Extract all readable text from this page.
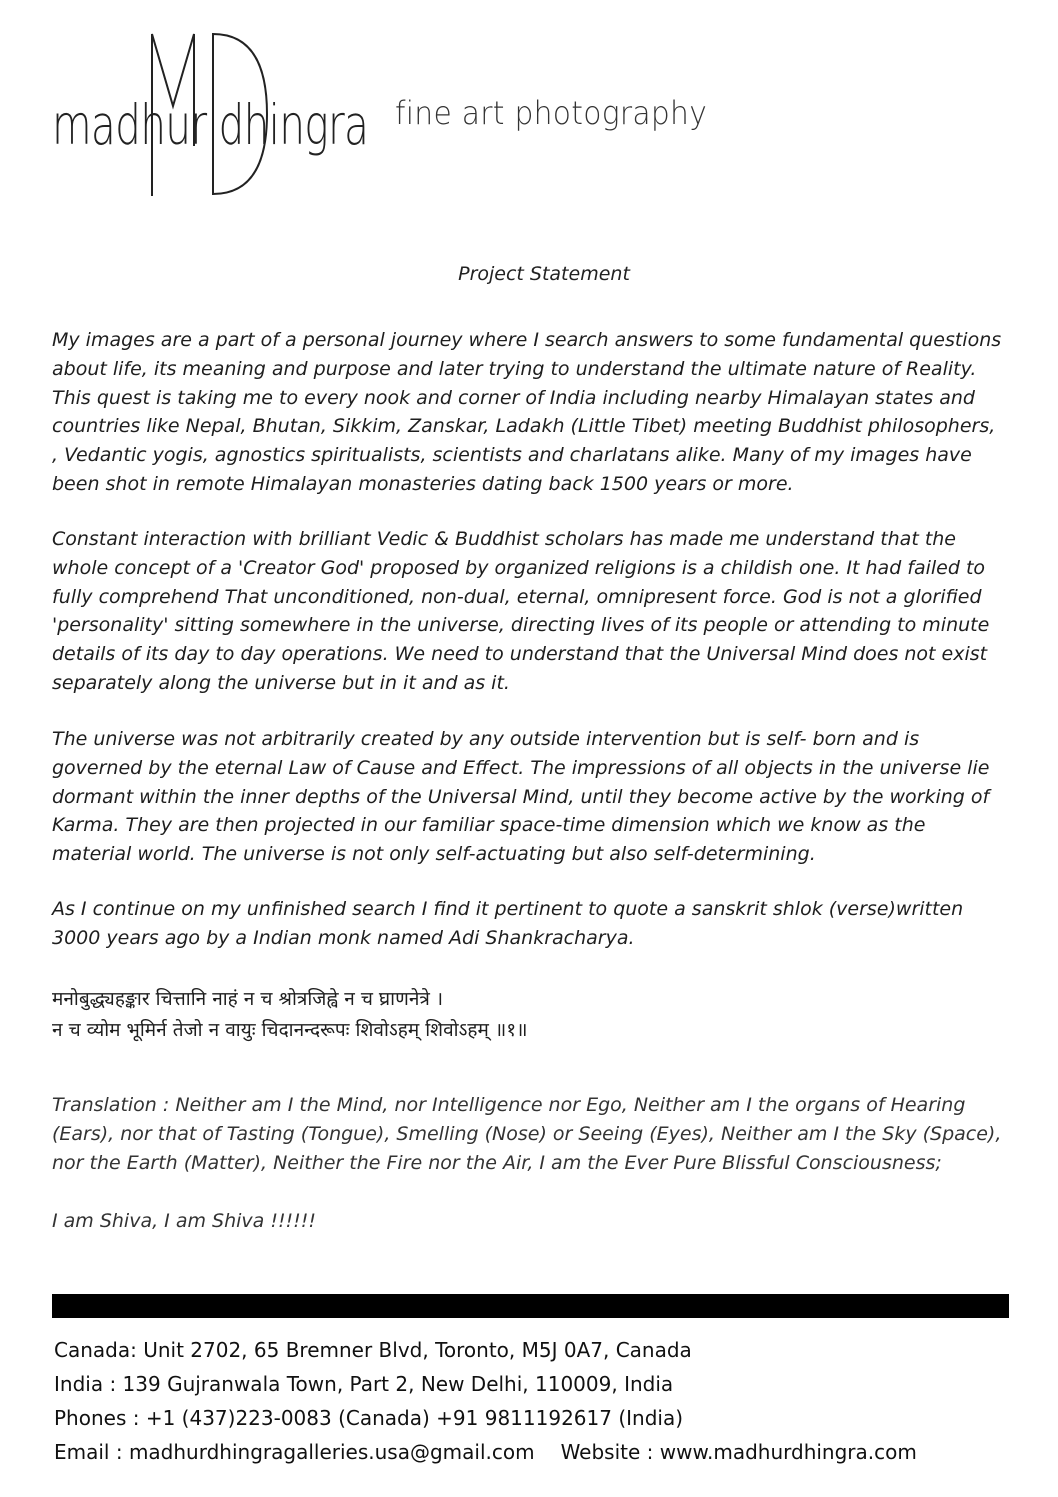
madhur dhingra fine art photography
Project Statement

My images are a part of a personal journey where I search answers to some fundamental questions about life, its meaning and purpose and later trying to understand the ultimate nature of Reality. This quest is taking me to every nook and corner of India including nearby Himalayan states and countries like Nepal, Bhutan, Sikkim, Zanskar, Ladakh (Little Tibet) meeting Buddhist philosophers, , Vedantic yogis, agnostics spiritualists, scientists and charlatans alike. Many of my images have been shot in remote Himalayan monasteries dating back 1500 years or more.

Constant interaction with brilliant Vedic & Buddhist scholars has made me understand that the whole concept of a 'Creator God' proposed by organized religions is a childish one. It had failed to fully comprehend That unconditioned, non-dual, eternal, omnipresent force. God is not a glorified 'personality' sitting somewhere in the universe, directing lives of its people or attending to minute details of its day to day operations. We need to understand that the Universal Mind does not exist separately along the universe but in it and as it.

The universe was not arbitrarily created by any outside intervention but is self- born and is governed by the eternal Law of Cause and Effect. The impressions of all objects in the universe lie dormant within the inner depths of the Universal Mind, until they become active by the working of Karma. They are then projected in our familiar space-time dimension which we know as the material world. The universe is not only self-actuating but also self-determining.

As I continue on my unfinished search I find it pertinent to quote a sanskrit shlok (verse)written 3000 years ago by a Indian monk named Adi Shankracharya.

मनोबुद्ध्यहङ्कार चित्तानि नाहं न च श्रोत्रजिह्वे न च घ्राणनेत्रे ।
न च व्योम भूमिर्न तेजो न वायुः चिदानन्दरूपः शिवोऽहम् शिवोऽहम् ॥१॥

Translation : Neither am I the Mind, nor Intelligence nor Ego, Neither am I the organs of Hearing (Ears), nor that of Tasting (Tongue), Smelling (Nose) or Seeing (Eyes), Neither am I the Sky (Space), nor the Earth (Matter), Neither the Fire nor the Air, I am the Ever Pure Blissful Consciousness;

I am Shiva, I am Shiva !!!!!!

Canada: Unit 2702, 65 Bremner Blvd, Toronto, M5J 0A7, Canada
India : 139 Gujranwala Town, Part 2, New Delhi, 110009, India
Phones : +1 (437)223-0083 (Canada) +91 9811192617 (India)
Email : madhurdhingragalleries.usa@gmail.com Website : www.madhurdhingra.com
